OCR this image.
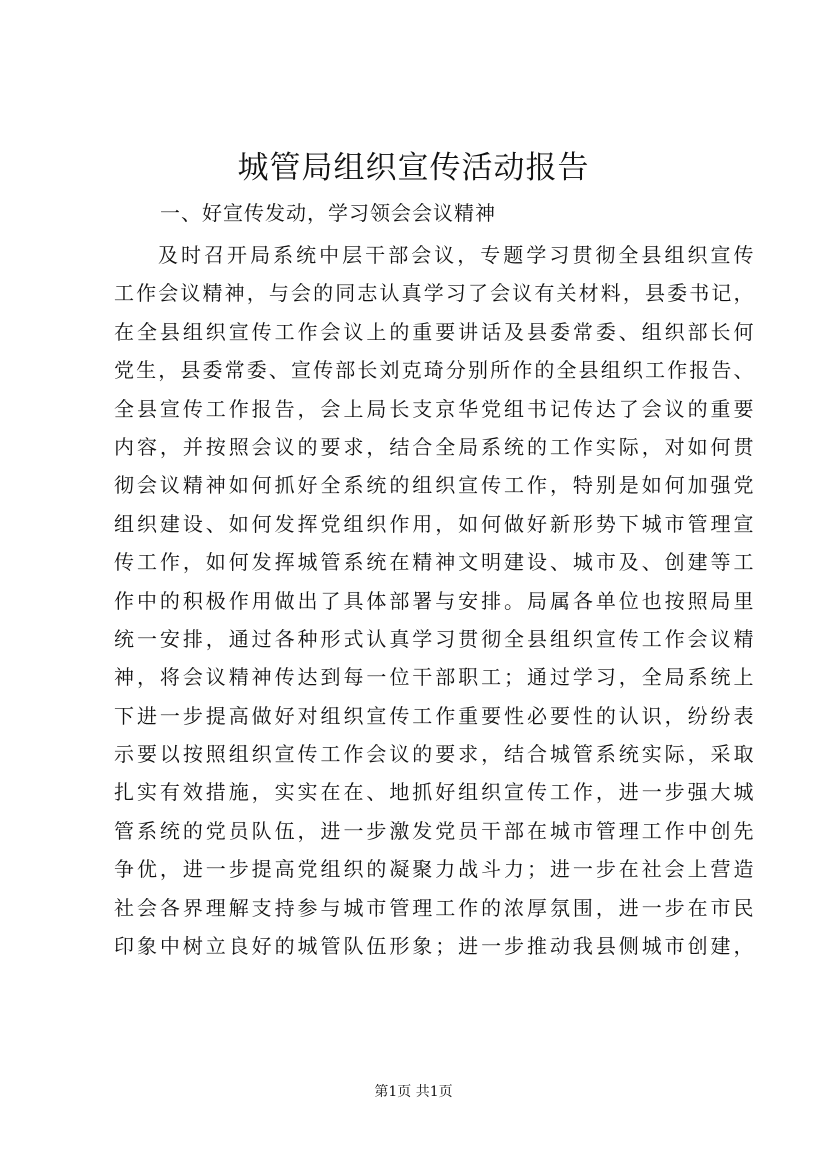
城管局组织宣传活动报告
一、好宣传发动，学习领会会议精神
及时召开局系统中层干部会议，专题学习贯彻全县组织宣传
工作会议精神，与会的同志认真学习了会议有关材料，县委书记，
在全县组织宣传工作会议上的重要讲话及县委常委、组织部长何
党生，县委常委、宣传部长刘克琦分别所作的全县组织工作报告、
全县宣传工作报告，会上局长支京华党组书记传达了会议的重要
内容，并按照会议的要求，结合全局系统的工作实际，对如何贯
彻会议精神如何抓好全系统的组织宣传工作，特别是如何加强党
组织建设、如何发挥党组织作用，如何做好新形势下城市管理宣
传工作，如何发挥城管系统在精神文明建设、城市及、创建等工
作中的积极作用做出了具体部署与安排。局属各单位也按照局里
统一安排，通过各种形式认真学习贯彻全县组织宣传工作会议精
神，将会议精神传达到每一位干部职工；通过学习，全局系统上
下进一步提高做好对组织宣传工作重要性必要性的认识，纷纷表
示要以按照组织宣传工作会议的要求，结合城管系统实际，采取
扎实有效措施，实实在在、地抓好组织宣传工作，进一步强大城
管系统的党员队伍，进一步激发党员干部在城市管理工作中创先
争优，进一步提高党组织的凝聚力战斗力；进一步在社会上营造
社会各界理解支持参与城市管理工作的浓厚氛围，进一步在市民
印象中树立良好的城管队伍形象；进一步推动我县侧城市创建，
第1页 共1页
